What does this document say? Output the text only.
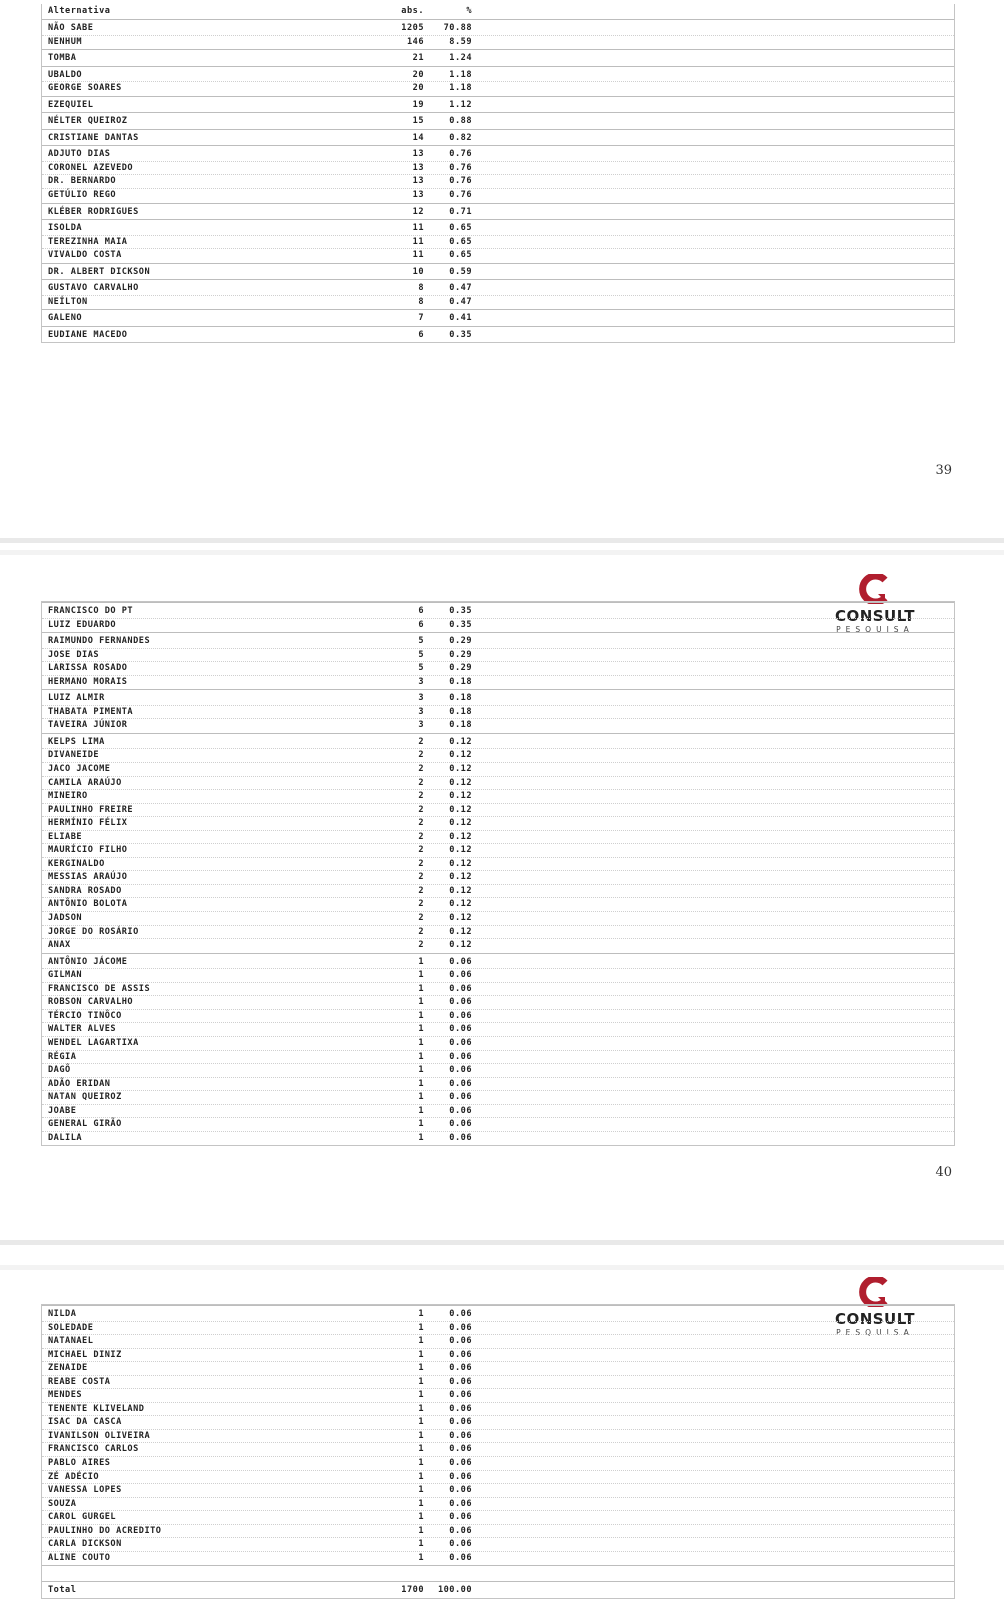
Alternativa	abs.	%
NÃO SABE	1205 70.88
NENHUM	146	8.59
TOMBA	21	1.24
UBALDO	20	1.18
GEORGE SOARES	20	1.18
EZEQUIEL	19	1.12
NÉLTER QUEIROZ	15	0.88
CRISTIANE DANTAS	14	0.82
ADJUTO DIAS	13	0.76
CORONEL AZEVEDO	13	0.76
DR. BERNARDO	13	0.76
GETÚLIO REGO	13	0.76
KLÉBER RODRIGUES	12	0.71
ISOLDA	11	0.65
TEREZINHA MAIA	11	0.65
VIVALDO COSTA	11	0.65
DR. ALBERT DICKSON	10	0.59
GUSTAVO CARVALHO	8	0.47
NEÍLTON	8	0.47
GALENO	7	0.41
EUDIANE MACEDO	6	0.35
39
CONSULT
PESQUISA
FRANCISCO DO PT	6	0.35
LUIZ EDUARDO	6	0.35
RAIMUNDO FERNANDES	5	0.29
JOSE DIAS	5	0.29
LARISSA ROSADO	5	0.29
HERMANO MORAIS	3	0.18
LUIZ ALMIR	3	0.18
THABATA PIMENTA	3	0.18
TAVEIRA JÚNIOR	3	0.18
KELPS LIMA	2	0.12
DIVANEIDE	2	0.12
JACO JACOME	2	0.12
CAMILA ARAÚJO	2	0.12
MINEIRO	2	0.12
PAULINHO FREIRE	2	0.12
HERMÍNIO FÉLIX	2	0.12
ELIABE	2	0.12
MAURÍCIO FILHO	2	0.12
KERGINALDO	2	0.12
MESSIAS ARAÚJO	2	0.12
SANDRA ROSADO	2	0.12
ANTÔNIO BOLOTA	2	0.12
JADSON	2	0.12
JORGE DO ROSÁRIO	2	0.12
ANAX	2	0.12
ANTÔNIO JÁCOME	1	0.06
GILMAN	1	0.06
FRANCISCO DE ASSIS	1	0.06
ROBSON CARVALHO	1	0.06
TÉRCIO TINÔCO	1	0.06
WALTER ALVES	1	0.06
WENDEL LAGARTIXA	1	0.06
RÉGIA	1	0.06
DAGÔ	1	0.06
ADÃO ERIDAN	1	0.06
NATAN QUEIROZ	1	0.06
JOABE	1	0.06
GENERAL GIRÃO	1	0.06
DALILA	1	0.06
40
CONSULT
PESQUISA
NILDA	1	0.06
SOLEDADE	1	0.06
NATANAEL	1	0.06
MICHAEL DINIZ	1	0.06
ZENAIDE	1	0.06
REABE COSTA	1	0.06
MENDES	1	0.06
TENENTE KLIVELAND	1	0.06
ISAC DA CASCA	1	0.06
IVANILSON OLIVEIRA	1	0.06
FRANCISCO CARLOS	1	0.06
PABLO AIRES	1	0.06
ZÉ ADÉCIO	1	0.06
VANESSA LOPES	1	0.06
SOUZA	1	0.06
CAROL GURGEL	1	0.06
PAULINHO DO ACREDITO	1	0.06
CARLA DICKSON	1	0.06
ALINE COUTO	1	0.06
Total	1700 100.00
